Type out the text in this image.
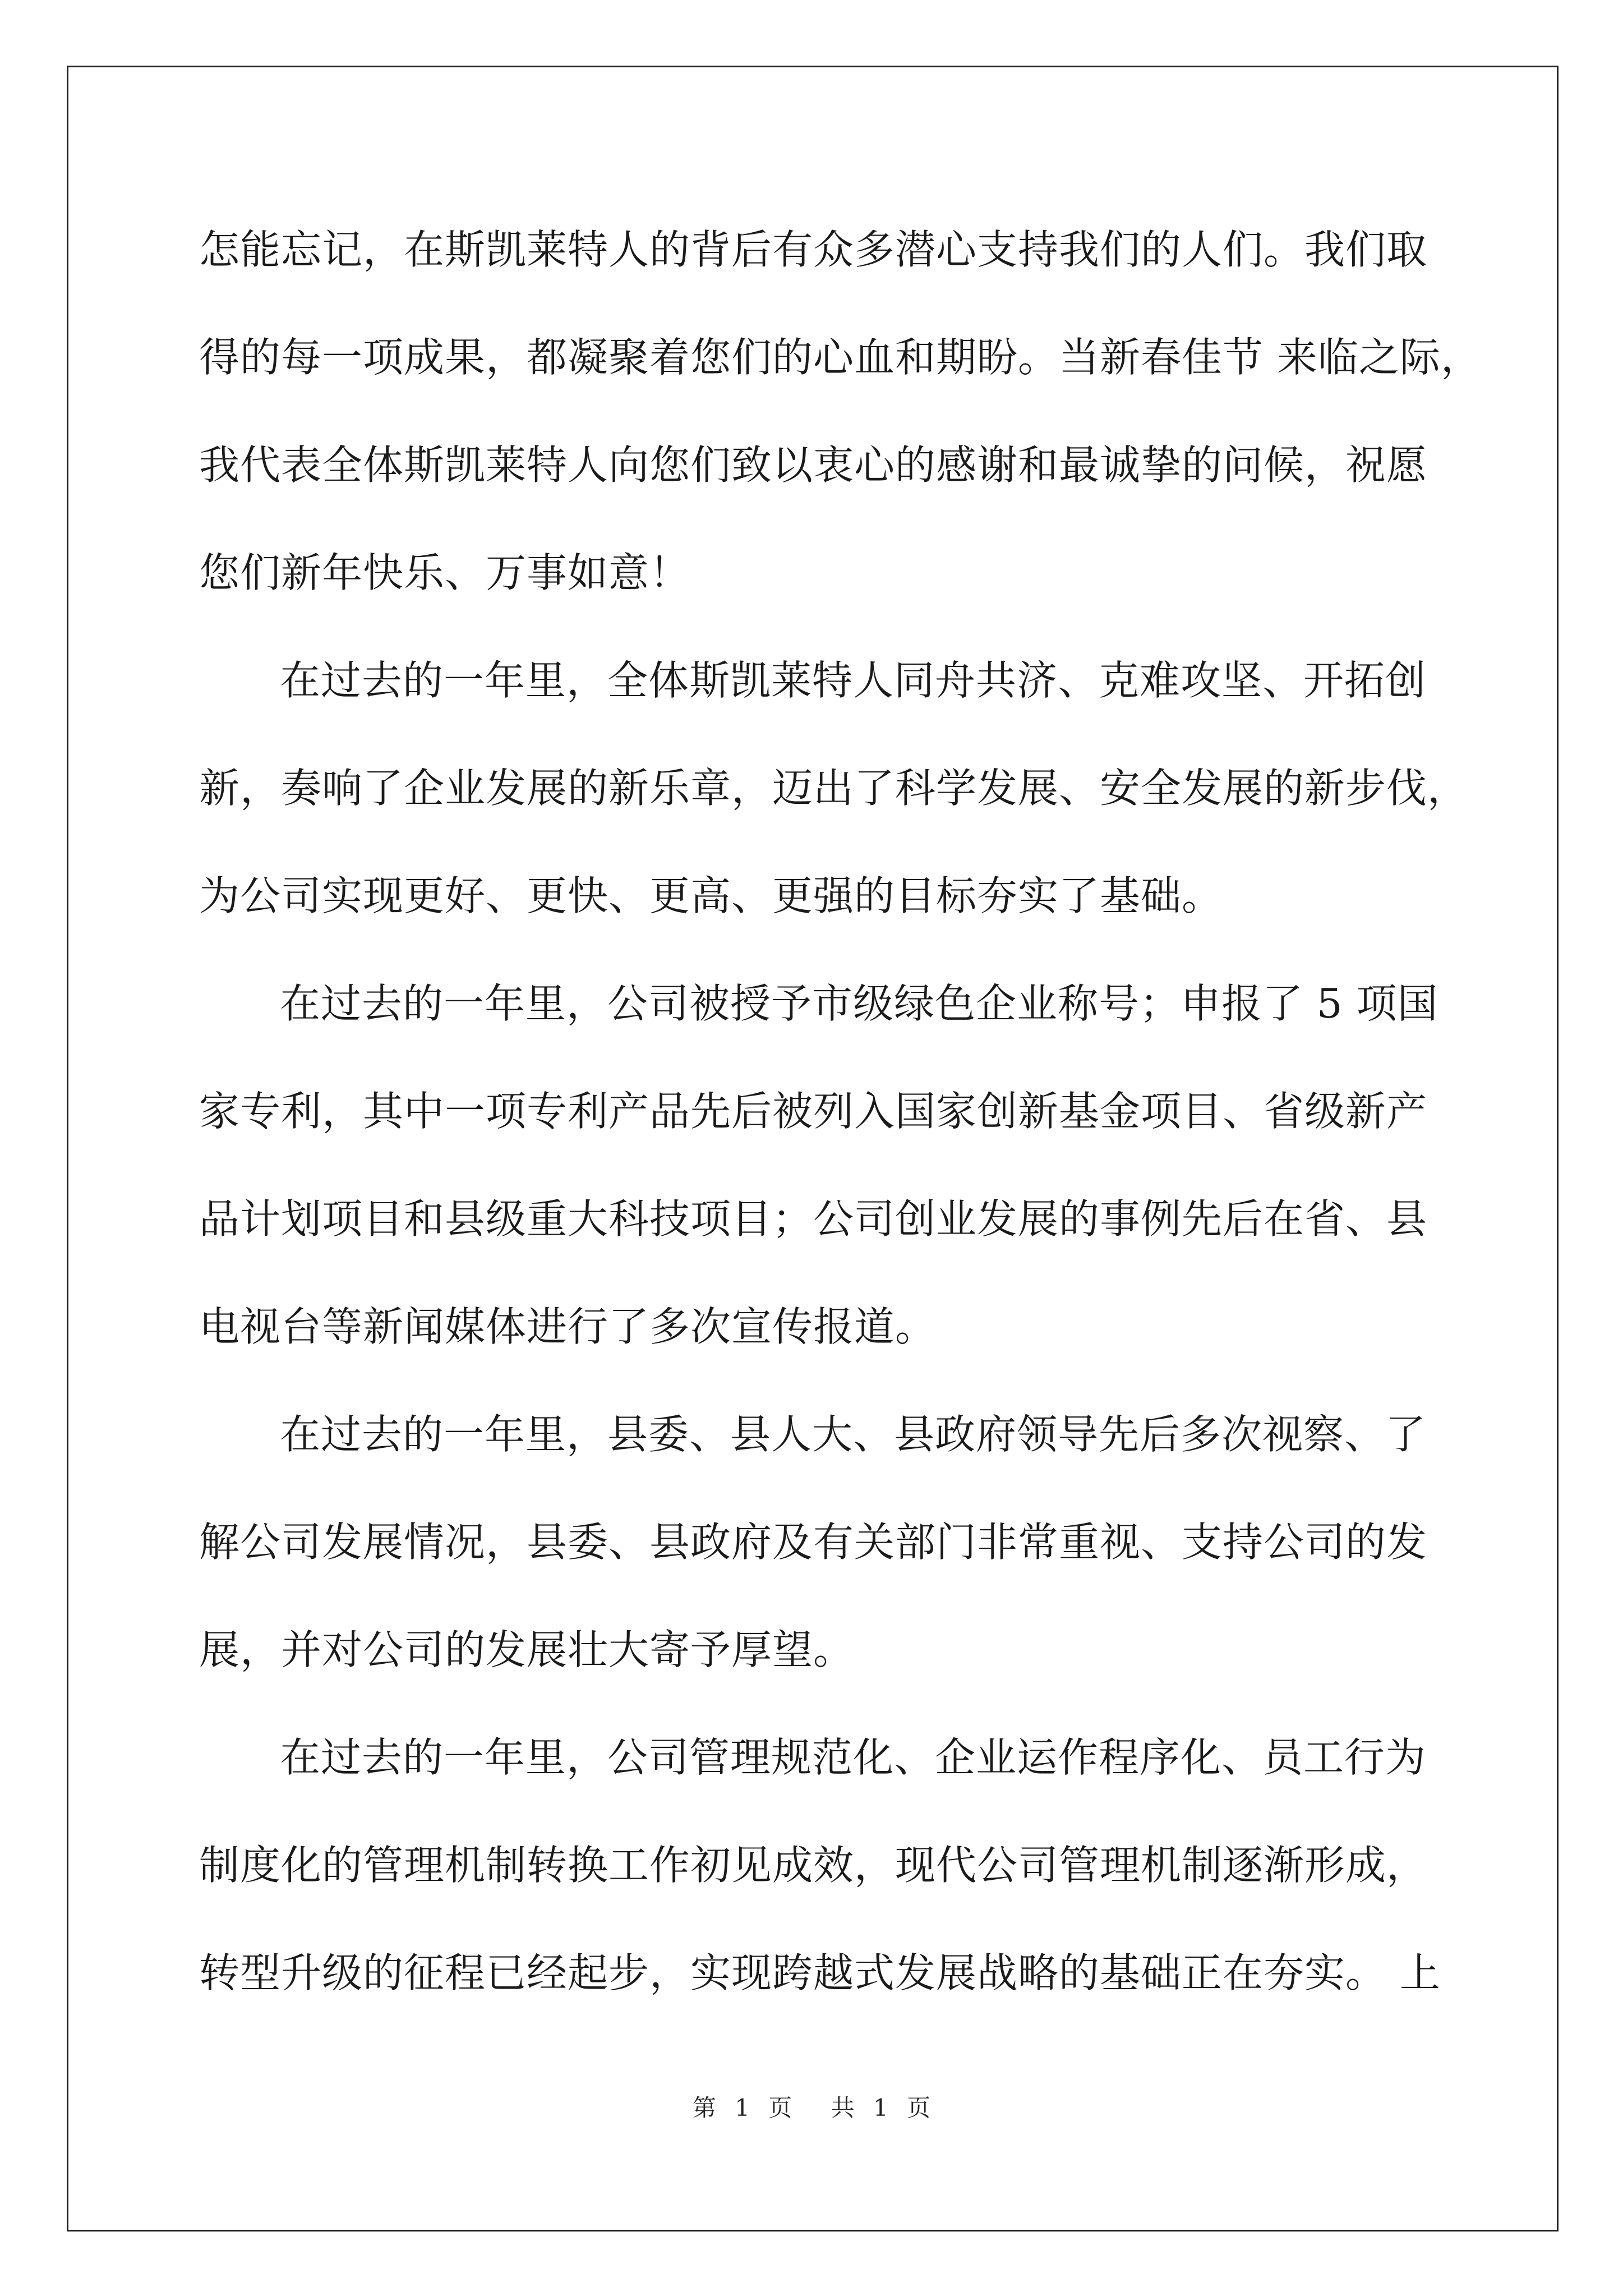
怎能忘记，在斯凯莱特人的背后有众多潜心支持我们的人们。我们取
得的每一项成果，都凝聚着您们的心血和期盼。当新春佳节 来临之际，
我代表全体斯凯莱特人向您们致以衷心的感谢和最诚挚的问候，祝愿
您们新年快乐、万事如意！
在过去的一年里，全体斯凯莱特人同舟共济、克难攻坚、开拓创
新，奏响了企业发展的新乐章，迈出了科学发展、安全发展的新步伐，
为公司实现更好、更快、更高、更强的目标夯实了基础。
在过去的一年里，公司被授予市级绿色企业称号；申报了 5 项国
家专利，其中一项专利产品先后被列入国家创新基金项目、省级新产
品计划项目和县级重大科技项目；公司创业发展的事例先后在省、县
电视台等新闻媒体进行了多次宣传报道。
在过去的一年里，县委、县人大、县政府领导先后多次视察、了
解公司发展情况，县委、县政府及有关部门非常重视、支持公司的发
展，并对公司的发展壮大寄予厚望。
在过去的一年里，公司管理规范化、企业运作程序化、员工行为
制度化的管理机制转换工作初见成效，现代公司管理机制逐渐形成，
转型升级的征程已经起步，实现跨越式发展战略的基础正在夯实。 上
第 1 页 共 1 页
